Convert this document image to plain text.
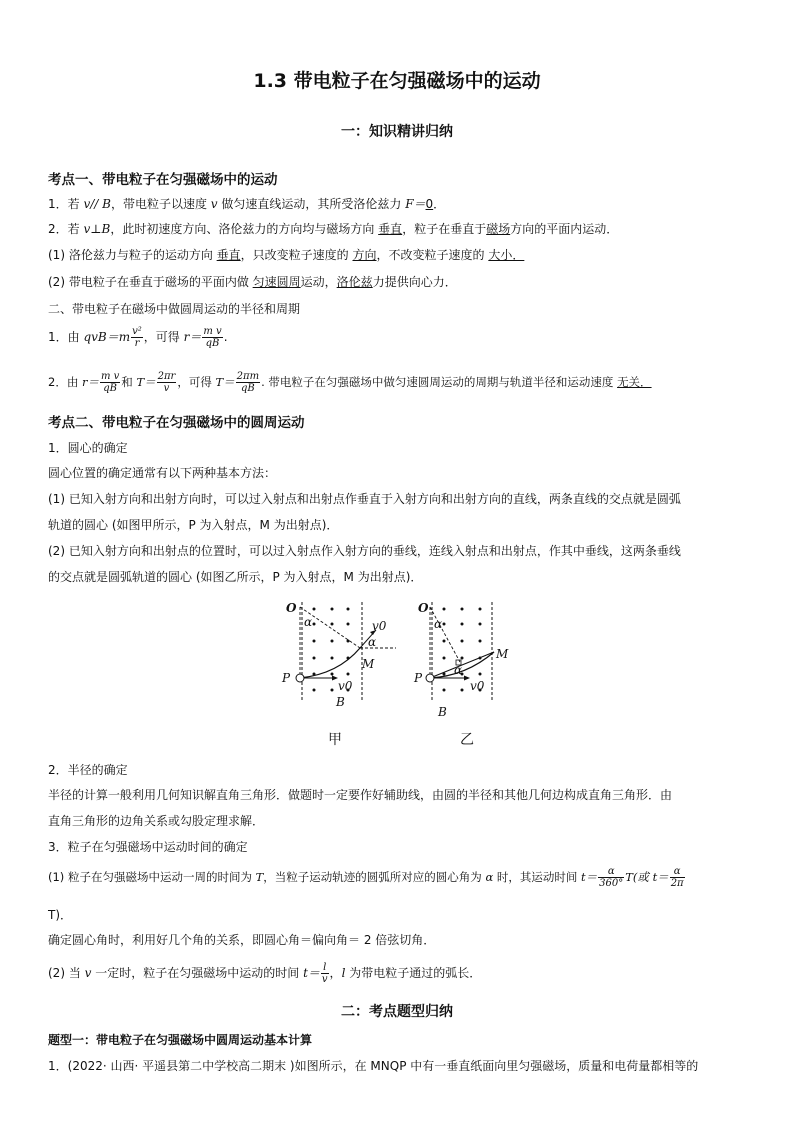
1.3 带电粒子在匀强磁场中的运动
一：知识精讲归纳
考点一、带电粒子在匀强磁场中的运动
1．若 v// B，带电粒子以速度 v 做匀速直线运动，其所受洛伦兹力 F＝0．
2．若 v⊥B，此时初速度方向、洛伦兹力的方向均与磁场方向 垂直，粒子在垂直于磁场方向的平面内运动．
(1) 洛伦兹力与粒子的运动方向 垂直，只改变粒子速度的 方向，不改变粒子速度的 大小．
(2) 带电粒子在垂直于磁场的平面内做 匀速圆周运动，洛伦兹力提供向心力．
二、带电粒子在磁场中做圆周运动的半径和周期
1．由 $qvB=m \frac{\text{v²}}{r}$ ，可得 $r= \frac{\text{m v}}{qB}$ .
2．由 $r= \frac{\text{m v}}{qB}$ 和 $T= \frac{2\pi r}{v}$ ，可得 $T= \frac{2\pi m}{qB}$ . 带电粒子在匀强磁场中做匀速圆周运动的周期与轨道半径和运动速度 无关．
考点二、带电粒子在匀强磁场中的圆周运动
1．圆心的确定
圆心位置的确定通常有以下两种基本方法：
(1) 已知入射方向和出射方向时，可以过入射点和出射点作垂直于入射方向和出射方向的直线，两条直线的交点就是圆弧
轨道的圆心 (如图甲所示，P 为入射点，M 为出射点)．
(2) 已知入射方向和出射点的位置时，可以过入射点作入射方向的垂线，连线入射点和出射点，作其中垂线，这两条垂线
的交点就是圆弧轨道的圆心 (如图乙所示，P 为入射点，M 为出射点)．
O
α
α
v0
M
P
v0
B
甲
O
α
α
M
P
v0
B
乙
2．半径的确定
半径的计算一般利用几何知识解直角三角形．做题时一定要作好辅助线，由圆的半径和其他几何边构成直角三角形．由
直角三角形的边角关系或勾股定理求解．
3．粒子在匀强磁场中运动时间的确定
(1) 粒子在匀强磁场中运动一周的时间为 T，当粒子运动轨迹的圆弧所对应的圆心角为 α 时，其运动时间 $t= \frac{\alpha}{360^\circ} T$(或 $t= \frac{\alpha}{2\pi}$
T)．
确定圆心角时，利用好几个角的关系，即圆心角＝偏向角＝ 2 倍弦切角．
(2) 当 v 一定时，粒子在匀强磁场中运动的时间 $t= \frac{l}{v}$ ，l 为带电粒子通过的弧长．
二：考点题型归纳
题型一：带电粒子在匀强磁场中圆周运动基本计算
1．(2022· 山西· 平遥县第二中学校高二期末 )如图所示，在 MNQP 中有一垂直纸面向里匀强磁场，质量和电荷量都相等的
